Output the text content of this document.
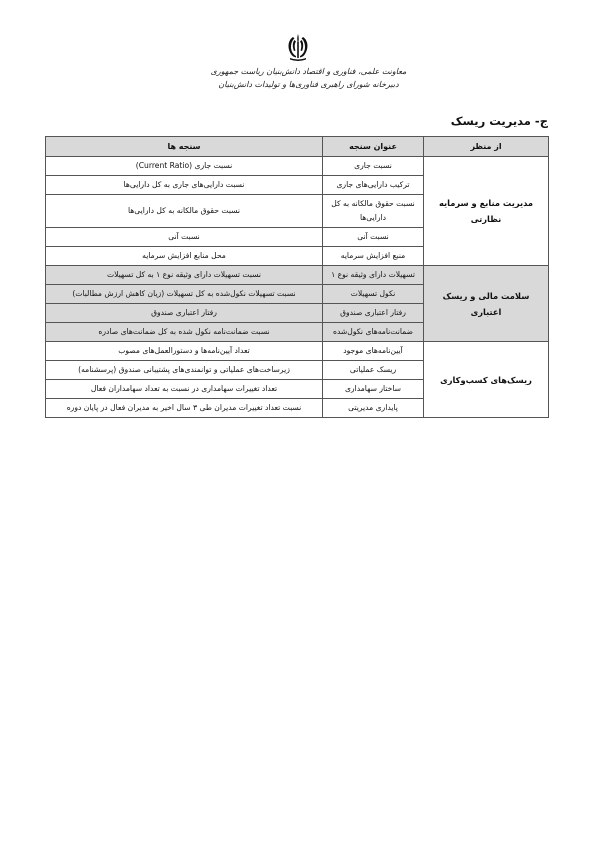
معاونت علمی، فناوری و اقتصاد دانش‌بنیان ریاست جمهوری
دبیرخانه شورای راهبری فناوری‌ها و تولیدات دانش‌بنیان
ج- مدیریت ریسک
از منظر	عنوان سنجه	سنجه ها
مدیریت منابع و سرمایه نظارتی	نسبت جاری	نسبت جاری (Current Ratio)
	ترکیب دارایی‌های جاری	نسبت دارایی‌های جاری به کل دارایی‌ها
	نسبت حقوق مالکانه به کل دارایی‌ها	نسبت حقوق مالکانه به کل دارایی‌ها
	نسبت آنی	نسبت آنی
	منبع افزایش سرمایه	محل منابع افزایش سرمایه
سلامت مالی و ریسک اعتباری	تسهیلات دارای وثیقه نوع ۱	نسبت تسهیلات دارای وثیقه نوع ۱ به کل تسهیلات
	نکول تسهیلات	نسبت تسهیلات نکول‌شده به کل تسهیلات (زیان کاهش ارزش مطالبات)
	رفتار اعتباری صندوق	رفتار اعتباری صندوق
	ضمانت‌نامه‌های نکول‌شده	نسبت ضمانت‌نامه نکول شده به کل ضمانت‌های صادره
ریسک‌های کسب‌وکاری	آیین‌نامه‌های موجود	تعداد آیین‌نامه‌ها و دستورالعمل‌های مصوب
	ریسک عملیاتی	زیرساخت‌های عملیاتی و توانمندی‌های پشتیبانی صندوق (پرسشنامه)
	ساختار سهامداری	تعداد تغییرات سهامداری در نسبت به تعداد سهامداران فعال
	پایداری مدیریتی	نسبت تعداد تغییرات مدیران طی ۳ سال اخیر به مدیران فعال در پایان دوره
